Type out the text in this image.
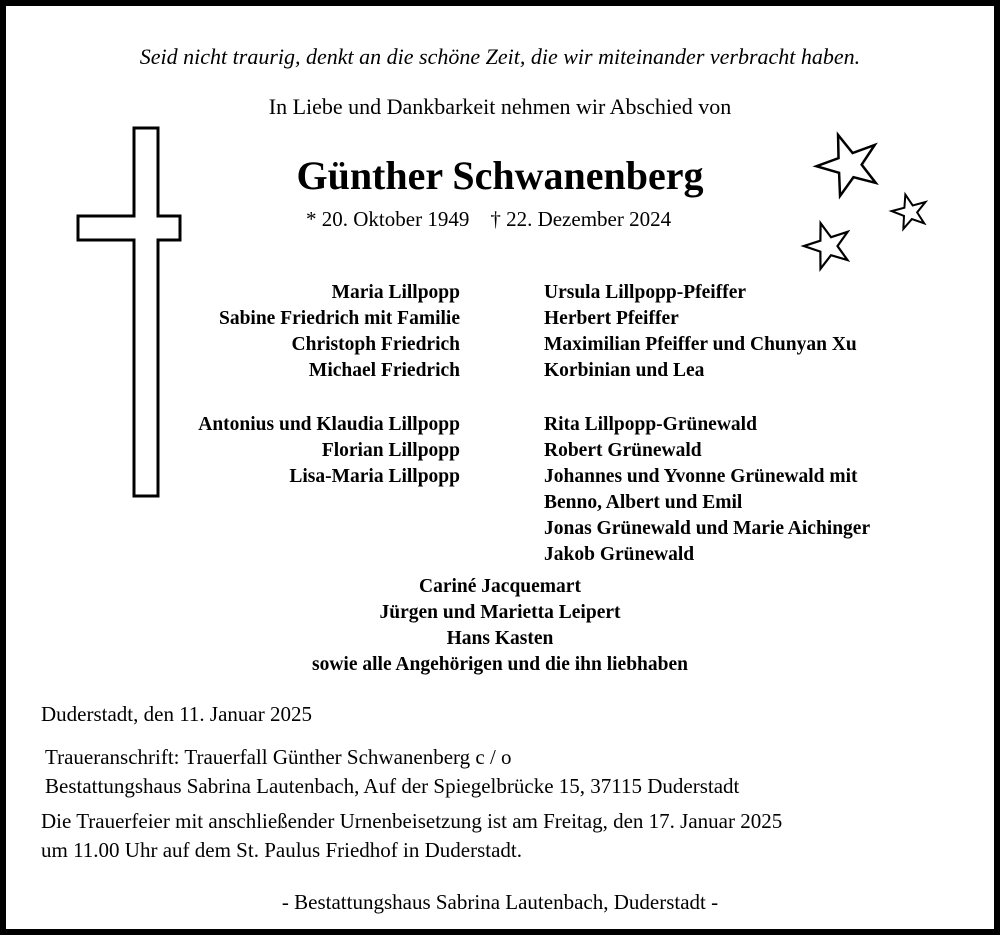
Seid nicht traurig, denkt an die schöne Zeit, die wir miteinander verbracht haben.
In Liebe und Dankbarkeit nehmen wir Abschied von
Günther Schwanenberg
* 20. Oktober 1949    † 22. Dezember 2024
Maria Lillpopp
Sabine Friedrich mit Familie
Christoph Friedrich
Michael Friedrich
Antonius und Klaudia Lillpopp
Florian Lillpopp
Lisa-Maria Lillpopp
Ursula Lillpopp-Pfeiffer
Herbert Pfeiffer
Maximilian Pfeiffer und Chunyan Xu
Korbinian und Lea
Rita Lillpopp-Grünewald
Robert Grünewald
Johannes und Yvonne Grünewald mit
Benno, Albert und Emil
Jonas Grünewald und Marie Aichinger
Jakob Grünewald
Cariné Jacquemart
Jürgen und Marietta Leipert
Hans Kasten
sowie alle Angehörigen und die ihn liebhaben
Duderstadt, den 11. Januar 2025
Traueranschrift: Trauerfall Günther Schwanenberg c / o
Bestattungshaus Sabrina Lautenbach, Auf der Spiegelbrücke 15, 37115 Duderstadt
Die Trauerfeier mit anschließender Urnenbeisetzung ist am Freitag, den 17. Januar 2025
um 11.00 Uhr auf dem St. Paulus Friedhof in Duderstadt.
- Bestattungshaus Sabrina Lautenbach, Duderstadt -
